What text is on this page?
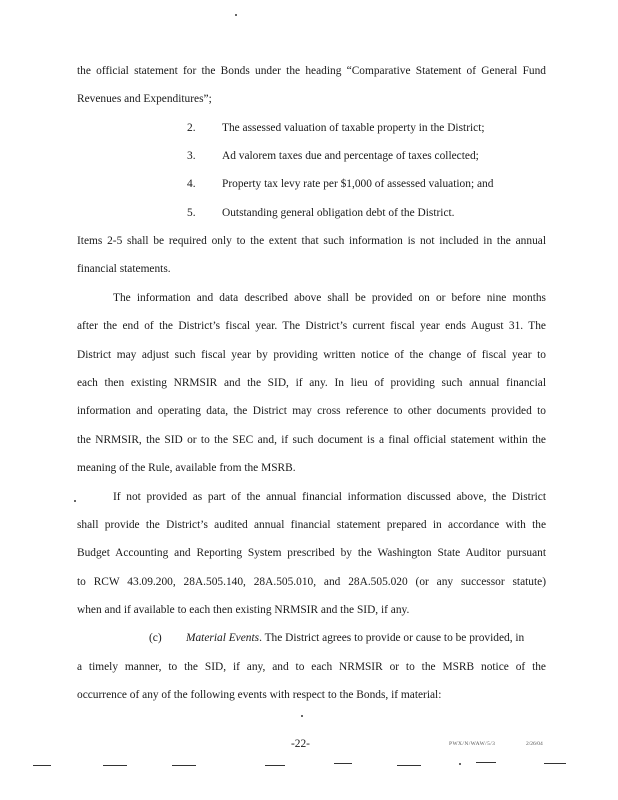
the official statement for the Bonds under the heading “Comparative Statement of General Fund
Revenues and Expenditures”;
2. The assessed valuation of taxable property in the District;
3. Ad valorem taxes due and percentage of taxes collected;
4. Property tax levy rate per $1,000 of assessed valuation; and
5. Outstanding general obligation debt of the District.
Items 2-5 shall be required only to the extent that such information is not included in the annual
financial statements.
The information and data described above shall be provided on or before nine months
after the end of the District’s fiscal year. The District’s current fiscal year ends August 31. The
District may adjust such fiscal year by providing written notice of the change of fiscal year to
each then existing NRMSIR and the SID, if any. In lieu of providing such annual financial
information and operating data, the District may cross reference to other documents provided to
the NRMSIR, the SID or to the SEC and, if such document is a final official statement within the
meaning of the Rule, available from the MSRB.
If not provided as part of the annual financial information discussed above, the District
shall provide the District’s audited annual financial statement prepared in accordance with the
Budget Accounting and Reporting System prescribed by the Washington State Auditor pursuant
to RCW 43.09.200, 28A.505.140, 28A.505.010, and 28A.505.020 (or any successor statute)
when and if available to each then existing NRMSIR and the SID, if any.
(c) Material Events. The District agrees to provide or cause to be provided, in
a timely manner, to the SID, if any, and to each NRMSIR or to the MSRB notice of the
occurrence of any of the following events with respect to the Bonds, if material:
-22-	PWX/N/WAW/5/3	2/26/04
